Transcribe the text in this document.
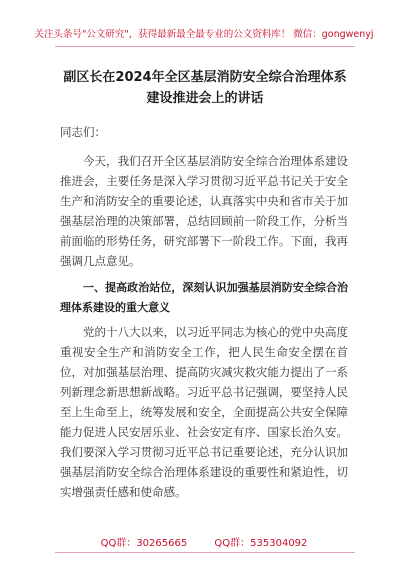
关注头条号"公文研究"，获得最新最全最专业的公文资料库！ 微信：gongwenyj
副区长在2024年全区基层消防安全综合治理体系建设推进会上的讲话
同志们：

今天，我们召开全区基层消防安全综合治理体系建设推进会，主要任务是深入学习贯彻习近平总书记关于安全生产和消防安全的重要论述，认真落实中央和省市关于加强基层治理的决策部署，总结回顾前一阶段工作，分析当前面临的形势任务，研究部署下一阶段工作。下面，我再强调几点意见。

一、提高政治站位，深刻认识加强基层消防安全综合治理体系建设的重大意义

党的十八大以来，以习近平同志为核心的党中央高度重视安全生产和消防安全工作，把人民生命安全摆在首位，对加强基层治理、提高防灾减灾救灾能力提出了一系列新理念新思想新战略。习近平总书记强调，要坚持人民至上生命至上，统筹发展和安全，全面提高公共安全保障能力促进人民安居乐业、社会安定有序、国家长治久安。我们要深入学习贯彻习近平总书记重要论述，充分认识加强基层消防安全综合治理体系建设的重要性和紧迫性，切实增强责任感和使命感。

QQ群：30265665	QQ群：535304092
